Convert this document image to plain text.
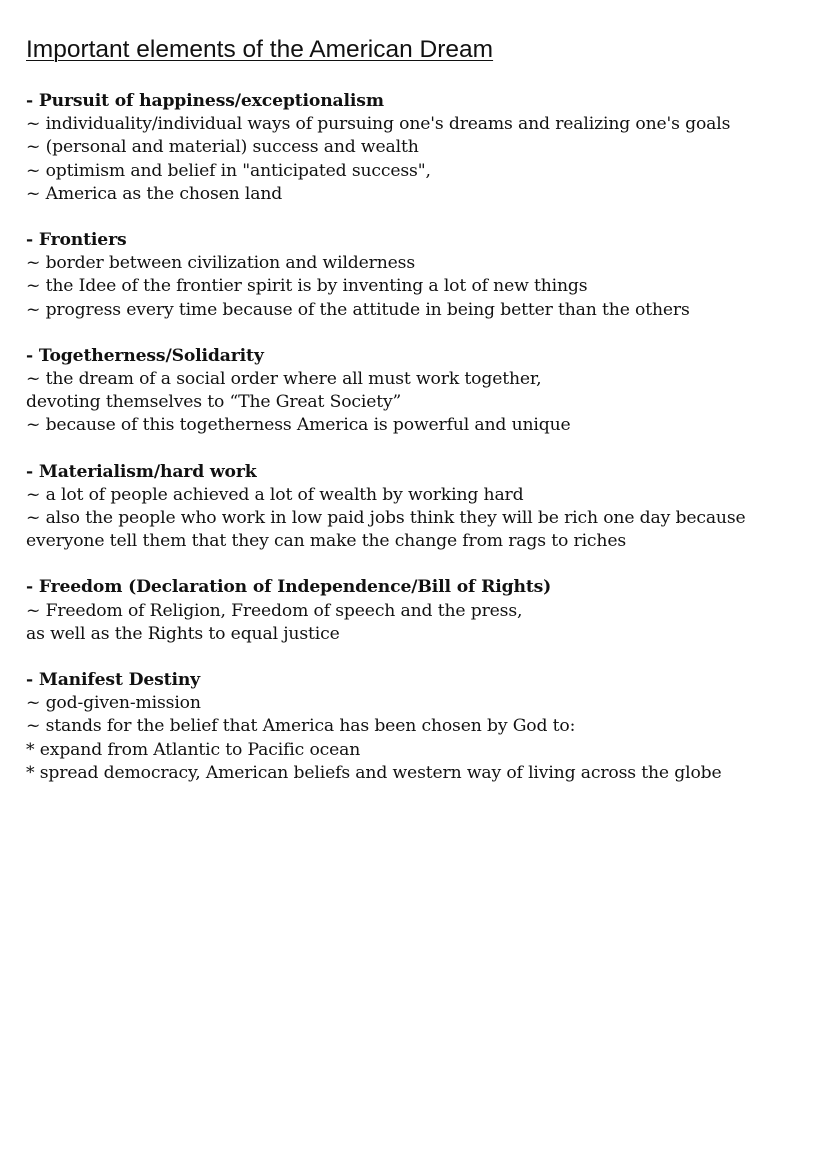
Important elements of the American Dream
- Pursuit of happiness/exceptionalism
~ individuality/individual ways of pursuing one's dreams and realizing one's goals
~ (personal and material) success and wealth
~ optimism and belief in "anticipated success",
~ America as the chosen land
- Frontiers
~ border between civilization and wilderness
~ the Idee of the frontier spirit is by inventing a lot of new things
~ progress every time because of the attitude in being better than the others
- Togetherness/Solidarity
~ the dream of a social order where all must work together,
devoting themselves to “The Great Society”
~ because of this togetherness America is powerful and unique
- Materialism/hard work
~ a lot of people achieved a lot of wealth by working hard
~ also the people who work in low paid jobs think they will be rich one day because
everyone tell them that they can make the change from rags to riches
- Freedom (Declaration of Independence/Bill of Rights)
~ Freedom of Religion, Freedom of speech and the press,
as well as the Rights to equal justice
- Manifest Destiny
~ god-given-mission
~ stands for the belief that America has been chosen by God to:
* expand from Atlantic to Pacific ocean
* spread democracy, American beliefs and western way of living across the globe
